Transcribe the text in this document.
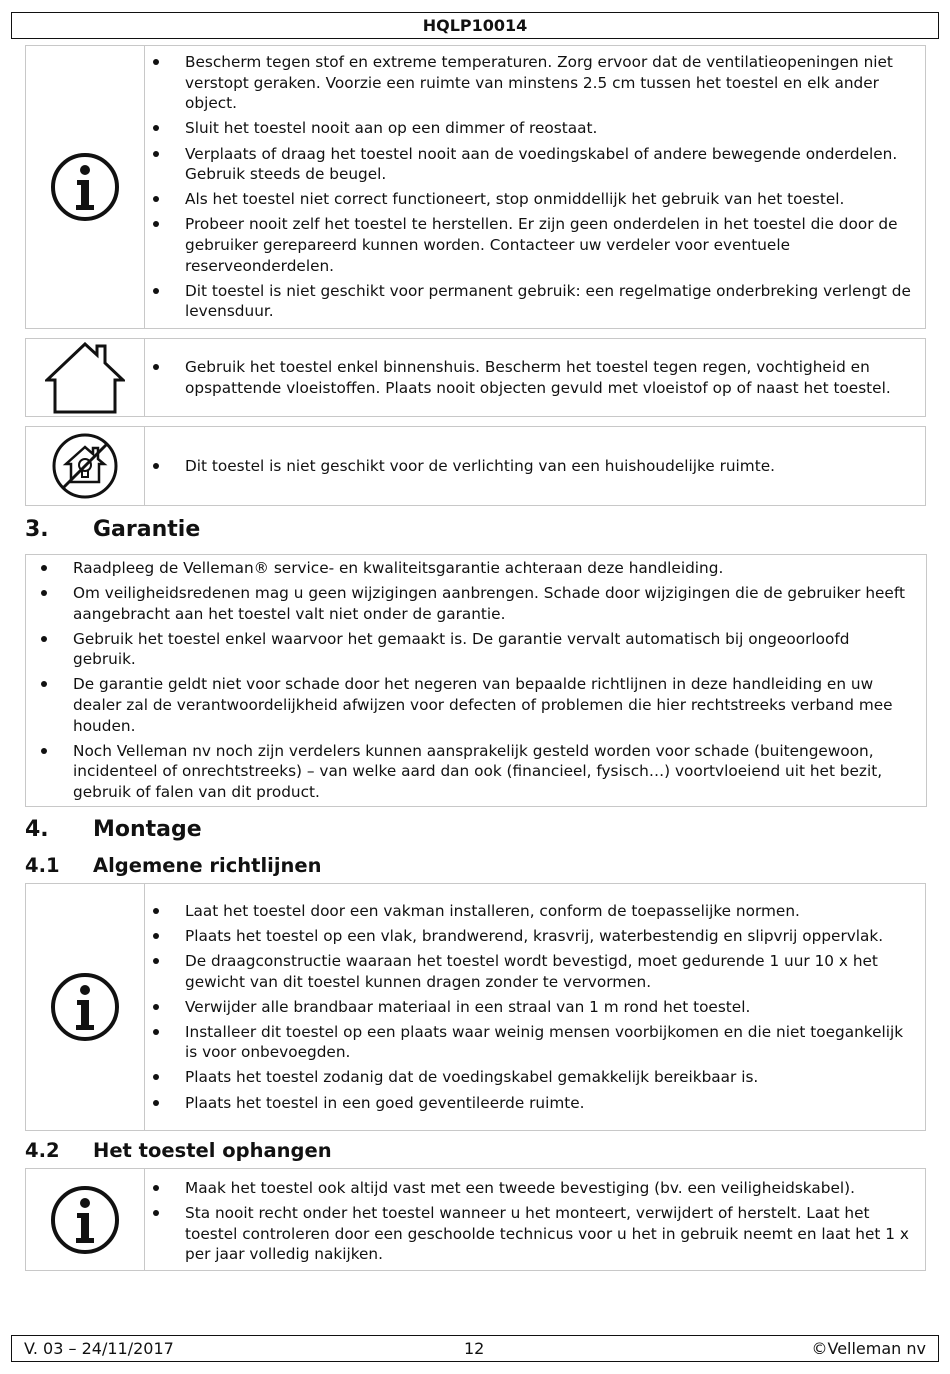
HQLP10014
Bescherm tegen stof en extreme temperaturen. Zorg ervoor dat de ventilatieopeningen niet verstopt geraken. Voorzie een ruimte van minstens 2.5 cm tussen het toestel en elk ander object.
Sluit het toestel nooit aan op een dimmer of reostaat.
Verplaats of draag het toestel nooit aan de voedingskabel of andere bewegende onderdelen. Gebruik steeds de beugel.
Als het toestel niet correct functioneert, stop onmiddellijk het gebruik van het toestel.
Probeer nooit zelf het toestel te herstellen. Er zijn geen onderdelen in het toestel die door de gebruiker gerepareerd kunnen worden. Contacteer uw verdeler voor eventuele reserveonderdelen.
Dit toestel is niet geschikt voor permanent gebruik: een regelmatige onderbreking verlengt de levensduur.
Gebruik het toestel enkel binnenshuis. Bescherm het toestel tegen regen, vochtigheid en opspattende vloeistoffen. Plaats nooit objecten gevuld met vloeistof op of naast het toestel.
Dit toestel is niet geschikt voor de verlichting van een huishoudelijke ruimte.
3. Garantie
Raadpleeg de Velleman® service- en kwaliteitsgarantie achteraan deze handleiding.
Om veiligheidsredenen mag u geen wijzigingen aanbrengen. Schade door wijzigingen die de gebruiker heeft aangebracht aan het toestel valt niet onder de garantie.
Gebruik het toestel enkel waarvoor het gemaakt is. De garantie vervalt automatisch bij ongeoorloofd gebruik.
De garantie geldt niet voor schade door het negeren van bepaalde richtlijnen in deze handleiding en uw dealer zal de verantwoordelijkheid afwijzen voor defecten of problemen die hier rechtstreeks verband mee houden.
Noch Velleman nv noch zijn verdelers kunnen aansprakelijk gesteld worden voor schade (buitengewoon, incidenteel of onrechtstreeks) – van welke aard dan ook (financieel, fysisch…) voortvloeiend uit het bezit, gebruik of falen van dit product.
4. Montage
4.1 Algemene richtlijnen
Laat het toestel door een vakman installeren, conform de toepasselijke normen.
Plaats het toestel op een vlak, brandwerend, krasvrij, waterbestendig en slipvrij oppervlak.
De draagconstructie waaraan het toestel wordt bevestigd, moet gedurende 1 uur 10 x het gewicht van dit toestel kunnen dragen zonder te vervormen.
Verwijder alle brandbaar materiaal in een straal van 1 m rond het toestel.
Installeer dit toestel op een plaats waar weinig mensen voorbijkomen en die niet toegankelijk is voor onbevoegden.
Plaats het toestel zodanig dat de voedingskabel gemakkelijk bereikbaar is.
Plaats het toestel in een goed geventileerde ruimte.
4.2 Het toestel ophangen
Maak het toestel ook altijd vast met een tweede bevestiging (bv. een veiligheidskabel).
Sta nooit recht onder het toestel wanneer u het monteert, verwijdert of herstelt. Laat het toestel controleren door een geschoolde technicus voor u het in gebruik neemt en laat het 1 x per jaar volledig nakijken.
V. 03 – 24/11/2017	12	©Velleman nv
